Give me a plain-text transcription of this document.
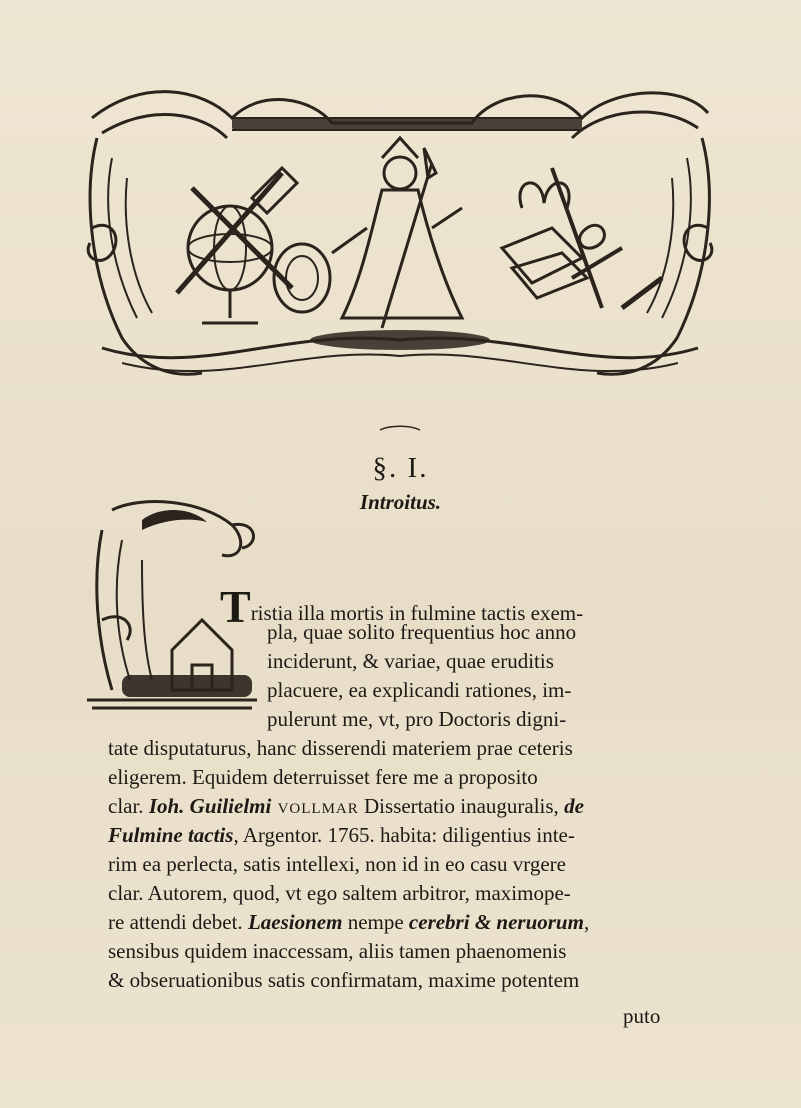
§. I.
Introitus.
Tristia illa mortis in fulmine tactis exem-
pla, quae solito frequentius hoc anno
inciderunt, & variae, quae eruditis
placuere, ea explicandi rationes, im-
pulerunt me, vt, pro Doctoris digni-
tate disputaturus, hanc disserendi materiem prae ceteris
eligerem. Equidem deterruisset fere me a proposito
clar. Ioh. Guilielmi vollmar Dissertatio inauguralis, de
Fulmine tactis, Argentor. 1765. habita: diligentius inte-
rim ea perlecta, satis intellexi, non id in eo casu vrgere
clar. Autorem, quod, vt ego saltem arbitror, maximope-
re attendi debet. Laesionem nempe cerebri & neruorum,
sensibus quidem inaccessam, aliis tamen phaenomenis
& obseruationibus satis confirmatam, maxime potentem
puto
